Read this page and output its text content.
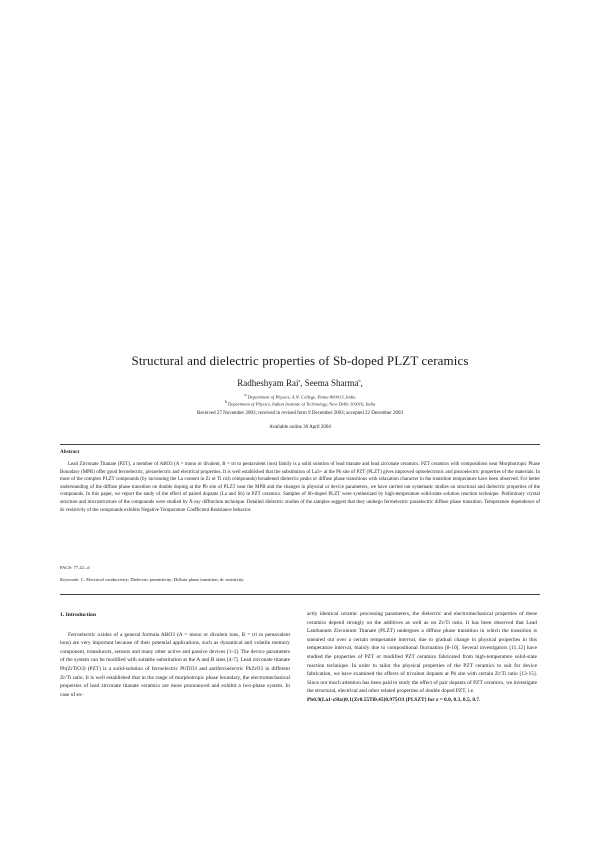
Structural and dielectric properties of Sb-doped PLZT ceramics
Radheshyam Rai$^a$, Seema Sharma$^b$,
a Department of Physics, A.N. College, Patna 800013, India
b Department of Physics, Indian Institute of Technology, New Delhi 110016, India
Received 27 November 2003; received in revised form 9 December 2003; accepted 22 December 2003
Available online 30 April 2004
Abstract
Lead Zirconate Titanate (PZT), a member of ABO3 (A = mono or divalent, B = tri to pentavalent ions) family is a solid solution of lead titanate and lead zirconate ceramics. PZT ceramics with compositions near Morphotropic Phase Boundary (MPB) offer good ferroelectric, piezoelectric and electrical properties. It is well established that the substitution of La3+ at the Pb site of PZT (PLZT) gives improved optoelectronic and piezoelectric properties of the materials. In most of the complex PLZT compounds (by increasing the La content in Zr or Ti rich compounds) broadened dielectric peaks or diffuse phase transitions with relaxation character in the transition temperature have been observed. For better understanding of the diffuse phase transition on double doping at the Pb site of PLZT near the MPB and the changes in physical or device parameters, we have carried out systematic studies on structural and dielectric properties of the compounds. In this paper, we report the study of the effect of paired dopants (La and Sb) in PZT ceramics. Samples of Sb-doped PLZT were synthesized by high-temperature solid-state solution reaction technique. Preliminary crystal structure and microstructure of the compounds were studied by X-ray diffraction technique. Detailed dielectric studies of the samples suggest that they undergo ferroelectric paraelectric diffuse phase transition. Temperature dependence of dc resistivity of the compounds exhibits Negative Temperature Coefficient Resistance behavior.
PACS: 77.22.–d
Keywords: C. Electrical conductivity; Dielectric permittivity; Diffuse phase transition; dc resistivity
1. Introduction
Ferroelectric oxides of a general formula ABO3 (A = mono or divalent ions, B = tri to pentavalent ions) are very important because of their potential applications, such as dynamical and volatile memory component, transducers, sensors and many other active and passive devices [1-3]. The device parameters of the system can be modified with suitable substitution at the A and B sites [4-7]. Lead zirconate titanate Pb(ZrTiO3) (PZT) is a solid-solution of ferroelectric PbTiO3 and antiferroelectric PbZrO3 in different Zr/Ti ratio. It is well established that in the range of morphotropic phase boundary, the electromechanical properties of lead zirconate titanate ceramics are more pronounced and exhibit a two-phase system. In case of ex-
actly identical ceramic processing parameters, the dielectric and electromechanical properties of these ceramics depend strongly on the additives as well as on Zr/Ti ratio. It has been observed that Lead Lanthanum Zirconium Titanate (PLZT) undergoes a diffuse phase transition in which the transition is smeared out over a certain temperature interval, due to gradual change in physical properties in this temperature interval, mainly due to compositional fluctuation [8-10]. Several investigators [11,12] have studied the properties of PZT or modified PZT ceramics fabricated from high-temperature solid-state reaction technique. In order to tailor the physical properties of the PZT ceramics to suit for device fabrication, we have examined the effects of trivalent dopants at Pb site with certain Zr/Ti ratio [13-15]. Since not much attention has been paid to study the effect of pair dopants of PZT ceramics, we investigate the structural, electrical and other related properties of double doped PZT, i.e.
Pb0.9(La1-zSbz)0.1(Zr0.55Ti0.45)0.975O3 (PLSZT) for z = 0.0, 0.3, 0.5, 0.7.
